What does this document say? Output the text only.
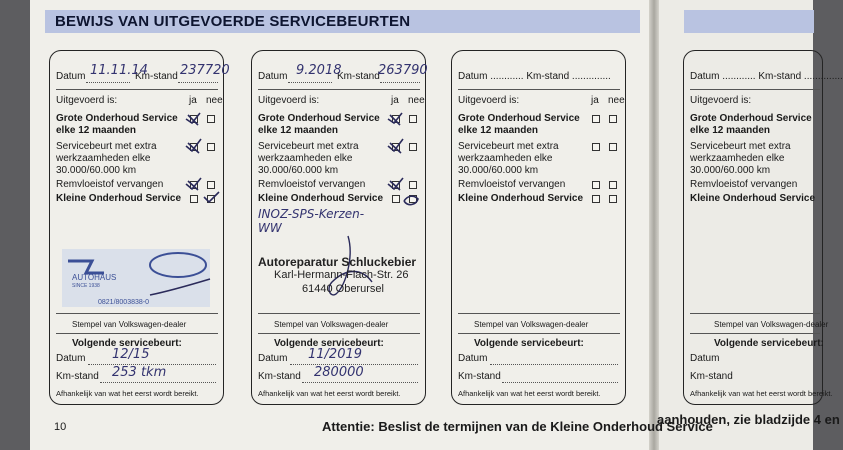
BEWIJS VAN UITGEVOERDE SERVICEBEURTEN
Datum	Km-stand
11.11.14 237720
Uitgevoerd is:	ja nee
Grote Onderhoud Service
elke 12 maanden
Servicebeurt met extra
werkzaamheden elke
30.000/60.000 km
Remvloeistof vervangen
Kleine Onderhoud Service
AUTOHAUS
SINCE 1938
0821/8003838-0
Stempel van Volkswagen-dealer
Volgende servicebeurt:
Datum 12/15
Km-stand 253 tkm
Afhankelijk van wat het eerst wordt bereikt.
Datum	Km-stand
9.2018	263790
Uitgevoerd is:	ja nee
Grote Onderhoud Service
elke 12 maanden
Servicebeurt met extra
werkzaamheden elke
30.000/60.000 km
Remvloeistof vervangen
Kleine Onderhoud Service
INOZ-SPS-Kerzen-
WW
Autoreparatur Schluckebier
Karl-Hermann-Flach-Str. 26
61440 Oberursel
Stempel van Volkswagen-dealer
Volgende servicebeurt:
Datum 11/2019
Km-stand 280000
Afhankelijk van wat het eerst wordt bereikt.
Datum ............ Km-stand ..............
Uitgevoerd is:	ja nee
Grote Onderhoud Service
elke 12 maanden
Servicebeurt met extra
werkzaamheden elke
30.000/60.000 km
Remvloeistof vervangen
Kleine Onderhoud Service
Stempel van Volkswagen-dealer
Volgende servicebeurt:
Datum
Km-stand
Afhankelijk van wat het eerst wordt bereikt.
Datum ............ Km-stand ..............
Uitgevoerd is:
Grote Onderhoud Service
elke 12 maanden
Servicebeurt met extra
werkzaamheden elke
30.000/60.000 km
Remvloeistof vervangen
Kleine Onderhoud Service
Stempel van Volkswagen-dealer
Volgende servicebeurt:
Datum
Km-stand
Afhankelijk van wat het eerst wordt bereikt.
10	Attentie: Beslist de termijnen van de Kleine Onderhoud Service
aanhouden, zie bladzijde 4 en
